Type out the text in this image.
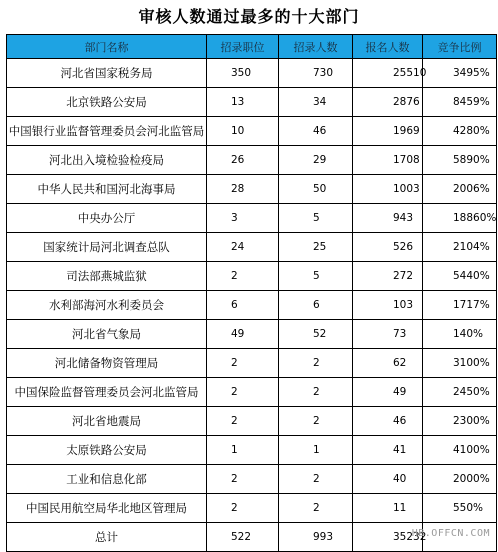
审核人数通过最多的十大部门
部门名称	招录职位	招录人数	报名人数	竞争比例
河北省国家税务局	350	730	25510	3495%
北京铁路公安局	13	34	2876	8459%
中国银行业监督管理委员会河北监管局	10	46	1969	4280%
河北出入境检验检疫局	26	29	1708	5890%
中华人民共和国河北海事局	28	50	1003	2006%
中央办公厅	3	5	943	18860%
国家统计局河北调查总队	24	25	526	2104%
司法部燕城监狱	2	5	272	5440%
水利部海河水利委员会	6	6	103	1717%
河北省气象局	49	52	73	140%
河北储备物资管理局	2	2	62	3100%
中国保险监督管理委员会河北监管局	2	2	49	2450%
河北省地震局	2	2	46	2300%
太原铁路公安局	1	1	41	4100%
工业和信息化部	2	2	40	2000%
中国民用航空局华北地区管理局	2	2	11	550%
总计	522	993	35232	
HB.OFFCN.COM
